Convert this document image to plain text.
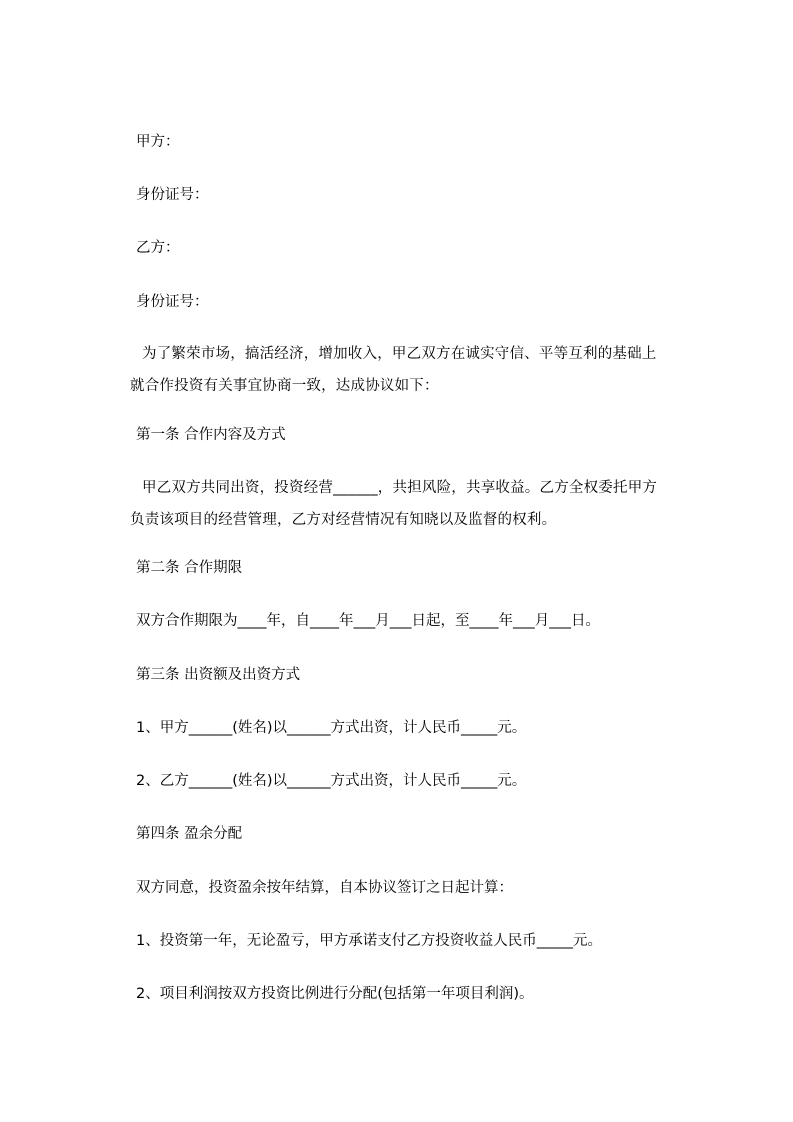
甲方：
身份证号：
乙方：
身份证号：
为了繁荣市场，搞活经济，增加收入，甲乙双方在诚实守信、平等互利的基础上
就合作投资有关事宜协商一致，达成协议如下：
第一条 合作内容及方式
甲乙双方共同出资，投资经营______，共担风险，共享收益。乙方全权委托甲方
负责该项目的经营管理，乙方对经营情况有知晓以及监督的权利。
第二条 合作期限
双方合作期限为____年，自____年___月___日起，至____年___月___日。
第三条 出资额及出资方式
1、甲方______(姓名)以______方式出资，计人民币_____元。
2、乙方______(姓名)以______方式出资，计人民币_____元。
第四条 盈余分配
双方同意，投资盈余按年结算，自本协议签订之日起计算：
1、投资第一年，无论盈亏，甲方承诺支付乙方投资收益人民币_____元。
2、项目利润按双方投资比例进行分配(包括第一年项目利润)。
